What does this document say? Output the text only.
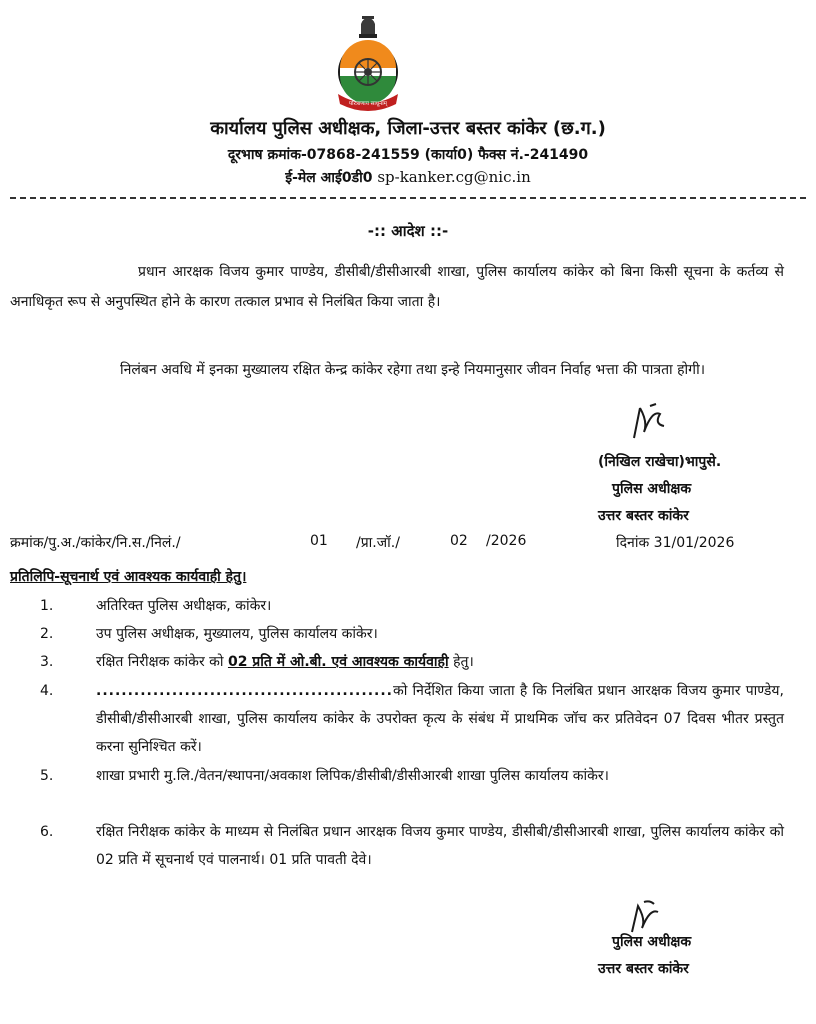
परित्राणाय साधूनाम्
कार्यालय पुलिस अधीक्षक, जिला-उत्तर बस्तर कांकेर (छ.ग.)
दूरभाष क्रमांक-07868-241559 (कार्या0) फैक्स नं.-241490
ई-मेल आई0डी0 sp-kanker.cg@nic.in
-:: आदेश ::-
प्रधान आरक्षक विजय कुमार पाण्डेय, डीसीबी/डीसीआरबी शाखा, पुलिस कार्यालय कांकेर को बिना किसी सूचना के कर्तव्य से अनाधिकृत रूप से अनुपस्थित होने के कारण तत्काल प्रभाव से निलंबित किया जाता है।
निलंबन अवधि में इनका मुख्यालय रक्षित केन्द्र कांकेर रहेगा तथा इन्हे नियमानुसार जीवन निर्वाह भत्ता की पात्रता होगी।
(निखिल राखेचा)भापुसे.
पुलिस अधीक्षक
उत्तर बस्तर कांकेर
क्रमांक/पु.अ./कांकेर/नि.स./निलं./	01 /प्रा.जॉ./	02 /2026	दिनांक 31/01/2026
प्रतिलिपि-सूचनार्थ एवं आवश्यक कार्यवाही हेतु।
1.	अतिरिक्त पुलिस अधीक्षक, कांकेर।
2.	उप पुलिस अधीक्षक, मुख्यालय, पुलिस कार्यालय कांकेर।
3.	रक्षित निरीक्षक कांकेर को 02 प्रति में ओ.बी. एवं आवश्यक कार्यवाही हेतु।
4.	...............................................को निर्देशित किया जाता है कि निलंबित प्रधान आरक्षक विजय कुमार पाण्डेय, डीसीबी/डीसीआरबी शाखा, पुलिस कार्यालय कांकेर के उपरोक्त कृत्य के संबंध में प्राथमिक जॉच कर प्रतिवेदन 07 दिवस भीतर प्रस्तुत करना सुनिश्चित करें।
5.	शाखा प्रभारी मु.लि./वेतन/स्थापना/अवकाश लिपिक/डीसीबी/डीसीआरबी शाखा पुलिस कार्यालय कांकेर।
6.	रक्षित निरीक्षक कांकेर के माध्यम से निलंबित प्रधान आरक्षक विजय कुमार पाण्डेय, डीसीबी/डीसीआरबी शाखा, पुलिस कार्यालय कांकेर को 02 प्रति में सूचनार्थ एवं पालनार्थ। 01 प्रति पावती देवे।
पुलिस अधीक्षक
उत्तर बस्तर कांकेर
